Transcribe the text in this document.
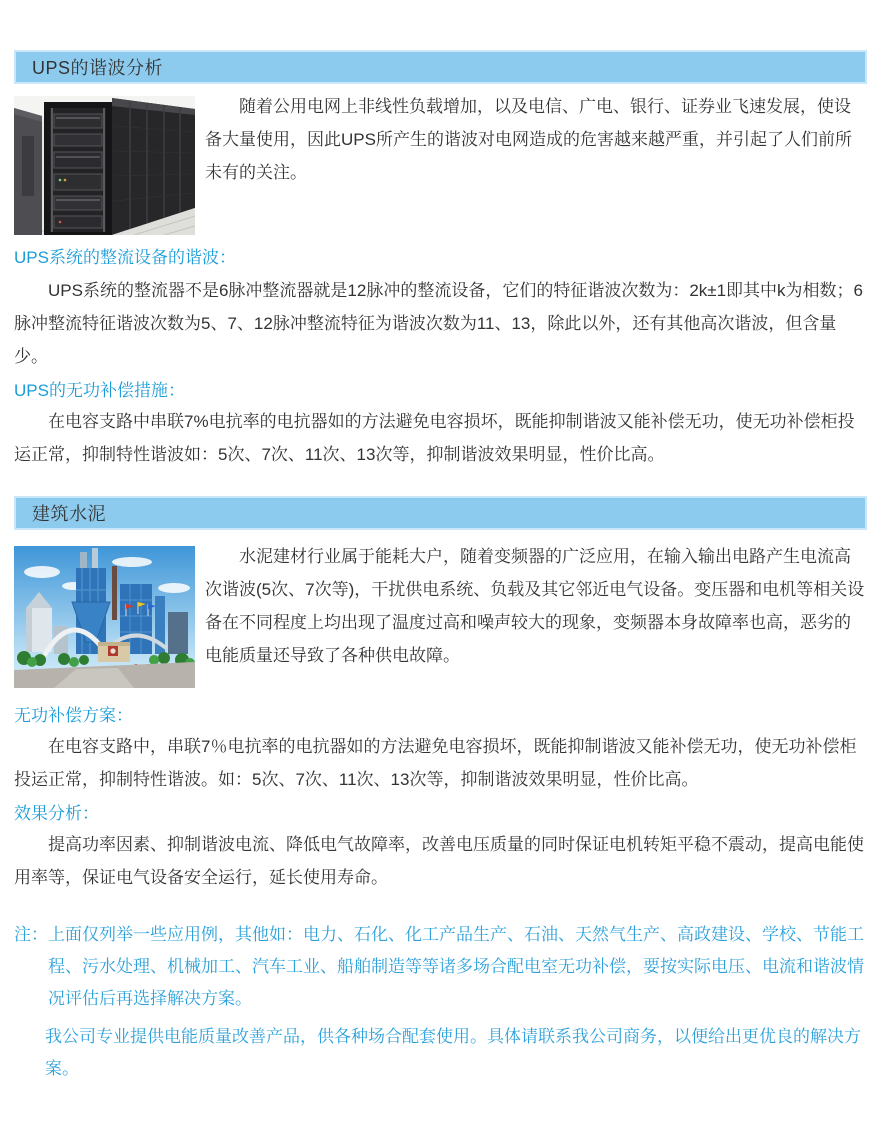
UPS的谐波分析

随着公用电网上非线性负载增加，以及电信、广电、银行、证券业飞速发展，使设备大量使用，因此UPS所产生的谐波对电网造成的危害越来越严重，并引起了人们前所未有的关注。

UPS系统的整流设备的谐波：

UPS系统的整流器不是6脉冲整流器就是12脉冲的整流设备，它们的特征谐波次数为：2k±1即其中k为相数；6脉冲整流特征谐波次数为5、7、12脉冲整流特征为谐波次数为11、13，除此以外，还有其他高次谐波，但含量少。

UPS的无功补偿措施：

在电容支路中串联7%电抗率的电抗器如的方法避免电容损坏，既能抑制谐波又能补偿无功，使无功补偿柜投运正常，抑制特性谐波如：5次、7次、11次、13次等，抑制谐波效果明显，性价比高。

建筑水泥

水泥建材行业属于能耗大户，随着变频器的广泛应用，在输入输出电路产生电流高次谐波(5次、7次等)，干扰供电系统、负载及其它邻近电气设备。变压器和电机等相关设备在不同程度上均出现了温度过高和噪声较大的现象，变频器本身故障率也高，恶劣的电能质量还导致了各种供电故障。

无功补偿方案：

在电容支路中，串联7％电抗率的电抗器如的方法避免电容损坏，既能抑制谐波又能补偿无功，使无功补偿柜投运正常，抑制特性谐波。如：5次、7次、11次、13次等，抑制谐波效果明显，性价比高。

效果分析：

提高功率因素、抑制谐波电流、降低电气故障率，改善电压质量的同时保证电机转矩平稳不震动，提高电能使用率等，保证电气设备安全运行，延长使用寿命。

注： 上面仅列举一些应用例，其他如：电力、石化、化工产品生产、石油、天然气生产、高政建设、学校、节能工程、污水处理、机械加工、汽车工业、船舶制造等等诸多场合配电室无功补偿，要按实际电压、电流和谐波情况评估后再选择解决方案。

我公司专业提供电能质量改善产品，供各种场合配套使用。具体请联系我公司商务，以便给出更优良的解决方案。
